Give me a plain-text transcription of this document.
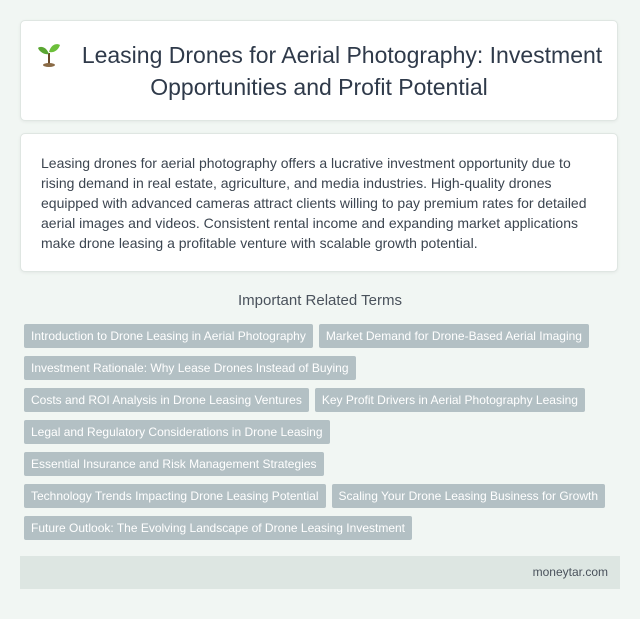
Leasing Drones for Aerial Photography: Investment Opportunities and Profit Potential

Leasing drones for aerial photography offers a lucrative investment opportunity due to rising demand in real estate, agriculture, and media industries. High-quality drones equipped with advanced cameras attract clients willing to pay premium rates for detailed aerial images and videos. Consistent rental income and expanding market applications make drone leasing a profitable venture with scalable growth potential.

Important Related Terms
Introduction to Drone Leasing in Aerial Photography	Market Demand for Drone-Based Aerial Imaging
Investment Rationale: Why Lease Drones Instead of Buying
Costs and ROI Analysis in Drone Leasing Ventures	Key Profit Drivers in Aerial Photography Leasing
Legal and Regulatory Considerations in Drone Leasing
Essential Insurance and Risk Management Strategies
Technology Trends Impacting Drone Leasing Potential	Scaling Your Drone Leasing Business for Growth
Future Outlook: The Evolving Landscape of Drone Leasing Investment
moneytar.com
